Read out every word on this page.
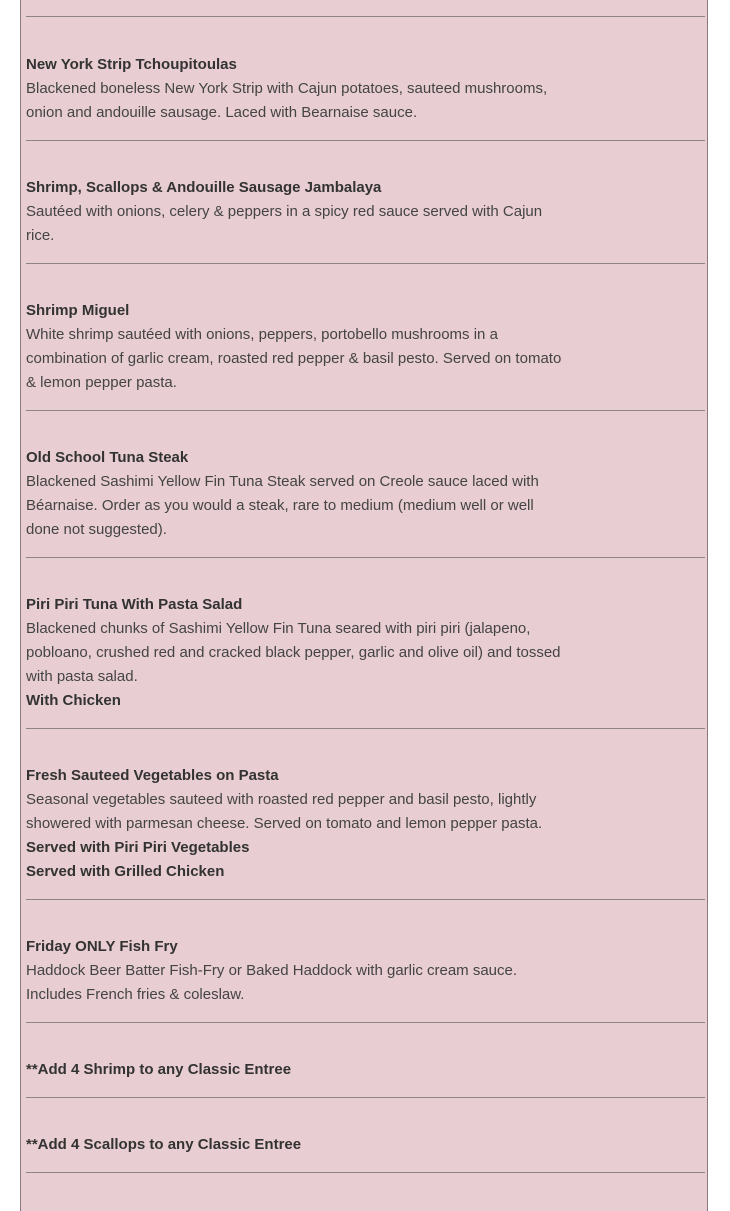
New York Strip Tchoupitoulas
Blackened boneless New York Strip with Cajun potatoes, sauteed mushrooms, onion and andouille sausage. Laced with Bearnaise sauce.
Shrimp, Scallops & Andouille Sausage Jambalaya
Sautéed with onions, celery & peppers in a spicy red sauce served with Cajun rice.
Shrimp Miguel
White shrimp sautéed with onions, peppers, portobello mushrooms in a combination of garlic cream, roasted red pepper & basil pesto. Served on tomato & lemon pepper pasta.
Old School Tuna Steak
Blackened Sashimi Yellow Fin Tuna Steak served on Creole sauce laced with Béarnaise. Order as you would a steak, rare to medium (medium well or well done not suggested).
Piri Piri Tuna With Pasta Salad
Blackened chunks of Sashimi Yellow Fin Tuna seared with piri piri (jalapeno, pobloano, crushed red and cracked black pepper, garlic and olive oil) and tossed with pasta salad.
With Chicken
Fresh Sauteed Vegetables on Pasta
Seasonal vegetables sauteed with roasted red pepper and basil pesto, lightly showered with parmesan cheese. Served on tomato and lemon pepper pasta.
Served with Piri Piri Vegetables
Served with Grilled Chicken
Friday ONLY Fish Fry
Haddock Beer Batter Fish-Fry or Baked Haddock with garlic cream sauce. Includes French fries & coleslaw.
**Add 4 Shrimp to any Classic Entree
**Add 4 Scallops to any Classic Entree
